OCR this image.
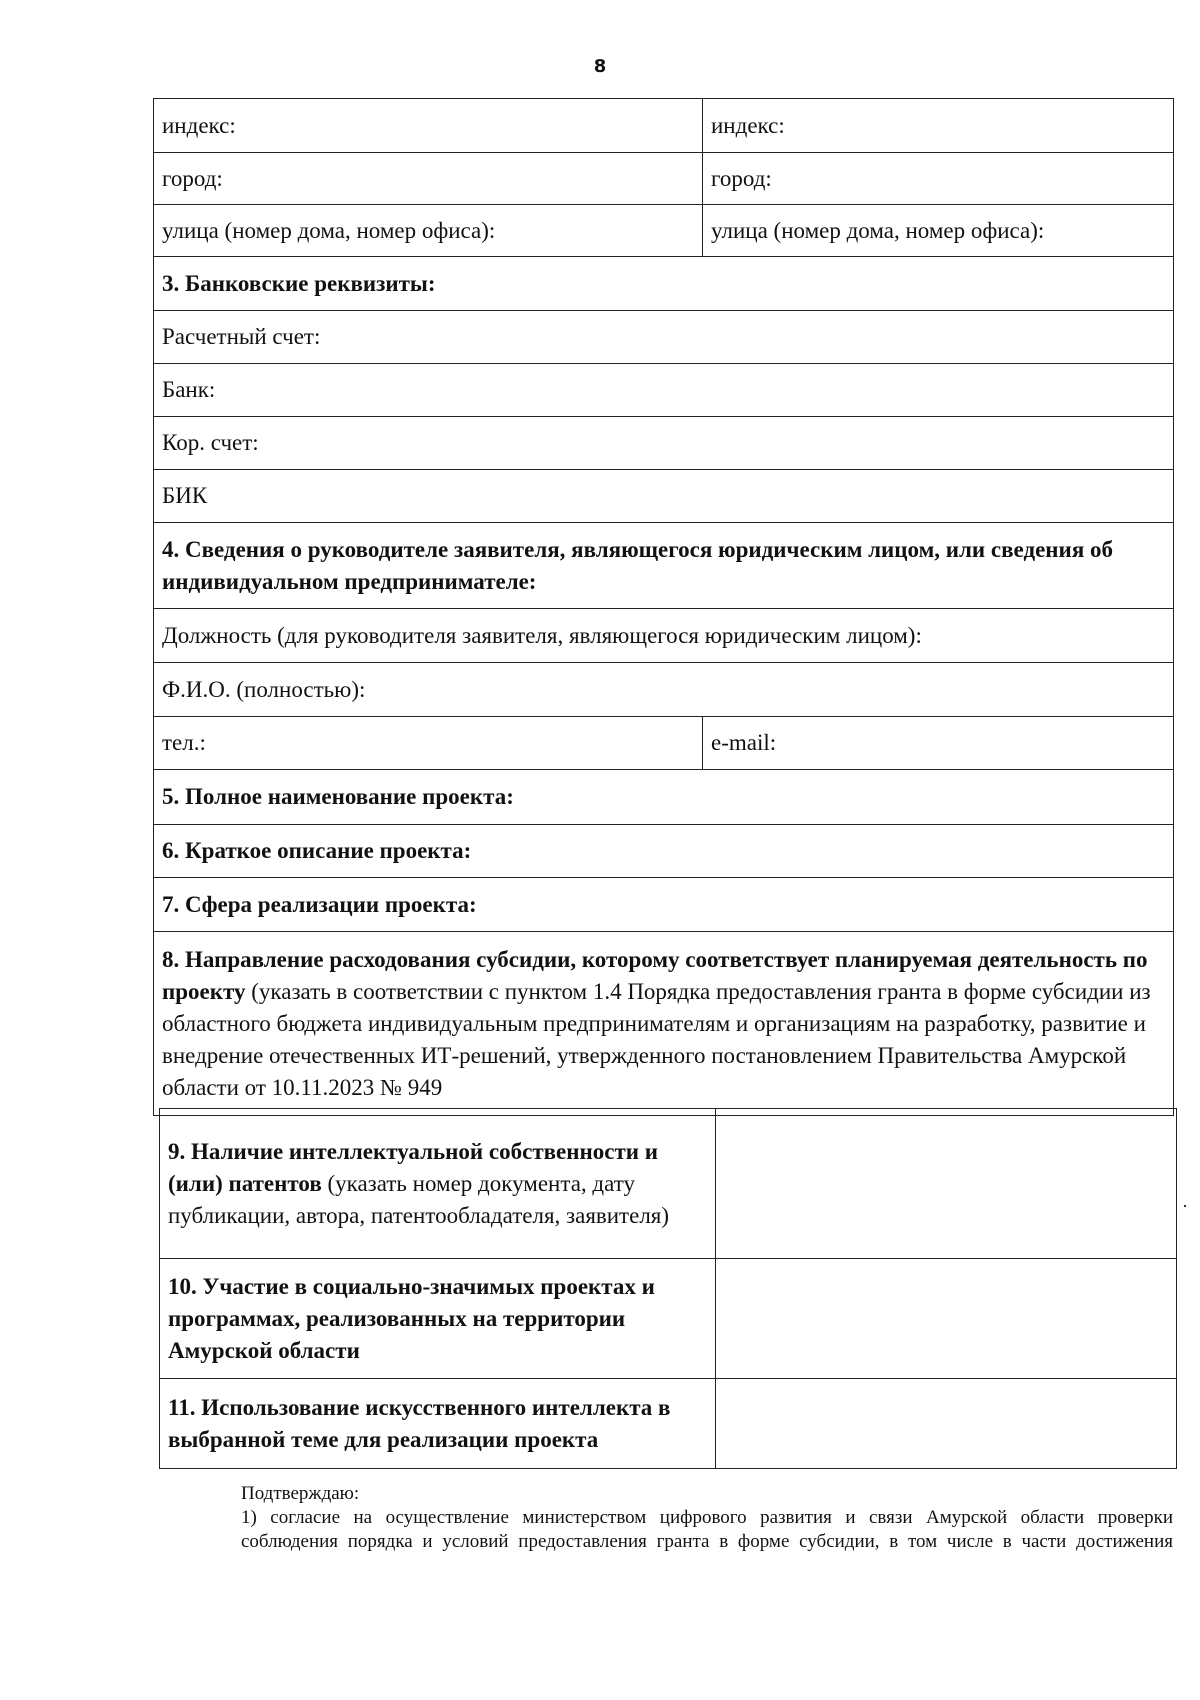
8
индекс:	индекс:
город:	город:
улица (номер дома, номер офиса):	улица (номер дома, номер офиса):
3. Банковские реквизиты:	
Расчетный счет:	
Банк:	
Кор. счет:	
БИК	
4. Сведения о руководителе заявителя, являющегося юридическим лицом, или сведения об индивидуальном предпринимателе:	
Должность (для руководителя заявителя, являющегося юридическим лицом):	
Ф.И.О. (полностью):	
тел.:	e-mail:
5. Полное наименование проекта:	
6. Краткое описание проекта:	
7. Сфера реализации проекта:	
8. Направление расходования субсидии, которому соответствует планируемая деятельность по проекту (указать в соответствии с пунктом 1.4 Порядка предоставления гранта в форме субсидии из областного бюджета индивидуальным предпринимателям и организациям на разработку, развитие и внедрение отечественных ИТ-решений, утвержденного постановлением Правительства Амурской области от 10.11.2023 № 949	
9. Наличие интеллектуальной собственности и (или) патентов (указать номер документа, дату публикации, автора, патентообладателя, заявителя)	
10. Участие в социально-значимых проектах и программах, реализованных на территории Амурской области	
11. Использование искусственного интеллекта в выбранной теме для реализации проекта	

Подтверждаю:

1) согласие на осуществление министерством цифрового развития и связи Амурской области проверки соблюдения порядка и условий предоставления гранта в форме субсидии, в том числе в части достижения
